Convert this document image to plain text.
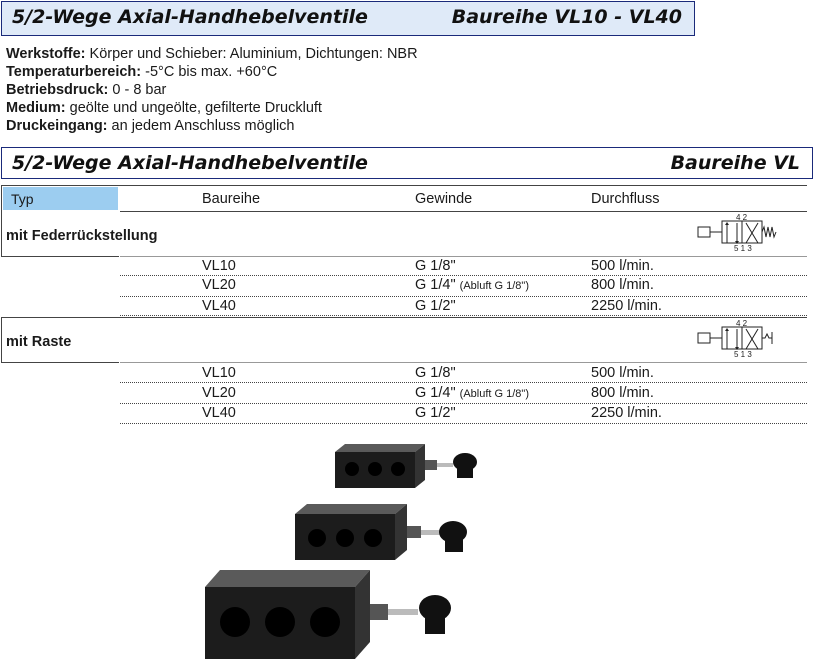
5/2-Wege Axial-Handhebelventile	Baureihe VL10 - VL40
Werkstoffe: Körper und Schieber: Aluminium, Dichtungen: NBR
Temperaturbereich: -5°C bis max. +60°C
Betriebsdruck: 0 - 8 bar
Medium: geölte und ungeölte, gefilterte Druckluft
Druckeingang: an jedem Anschluss möglich
5/2-Wege Axial-Handhebelventile	Baureihe VL
Typ	Baureihe	Gewinde	Durchfluss
mit Federrückstellung
4 2
5 1 3
VL10	G 1/8"	500 l/min.
VL20	G 1/4" (Abluft G 1/8")	800 l/min.
VL40	G 1/2"	2250 l/min.
mit Raste
4 2
5 1 3
VL10	G 1/8"	500 l/min.
VL20	G 1/4" (Abluft G 1/8")	800 l/min.
VL40	G 1/2"	2250 l/min.
